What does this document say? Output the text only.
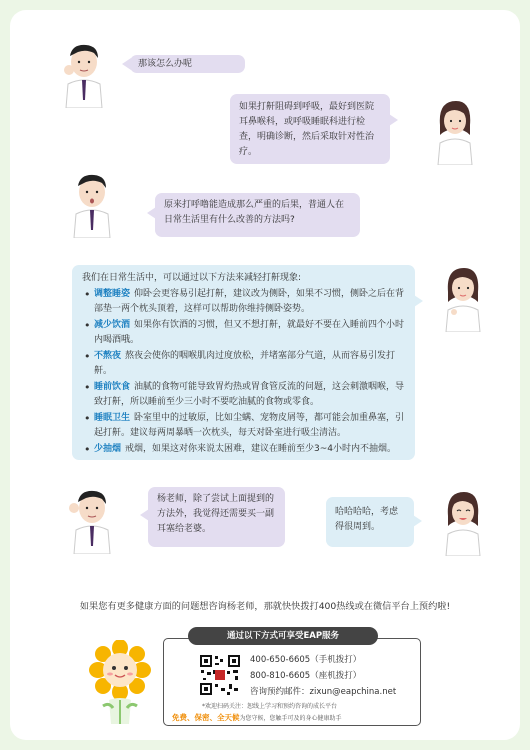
那该怎么办呢
如果打鼾阻碍到呼吸，最好到医院耳鼻喉科，或呼吸睡眠科进行检查，明确诊断，然后采取针对性治疗。
原来打呼噜能造成那么严重的后果，普通人在日常生活里有什么改善的方法吗?
我们在日常生活中，可以通过以下方法来减轻打鼾现象:
• 调整睡姿 仰卧会更容易引起打鼾，建议改为侧卧，如果不习惯，侧卧之后在背部垫一两个枕头顶着，这样可以帮助你维持侧卧姿势。
• 减少饮酒 如果你有饮酒的习惯，但又不想打鼾，就最好不要在入睡前四个小时内喝酒哦。
• 不熬夜 熬夜会使你的咽喉肌肉过度放松，并堵塞部分气道，从而容易引发打鼾。
• 睡前饮食 油腻的食物可能导致胃灼热或胃食管反流的问题，这会刺激咽喉，导致打鼾，所以睡前至少三小时不要吃油腻的食物或零食。
• 睡眠卫生 卧室里中的过敏原，比如尘螨、宠物皮屑等，都可能会加重鼻塞，引起打鼾。建议每两周暴晒一次枕头，每天对卧室进行吸尘清洁。
• 少抽烟 戒烟，如果这对你来说太困难，建议在睡前至少3~4小时内不抽烟。
杨老师，除了尝试上面提到的方法外，我觉得还需要买一副耳塞给老婆。
哈哈哈哈，考虑得很周到。
如果您有更多健康方面的问题想咨询杨老师，那就快快拨打400热线或在微信平台上预约啦!
400-650-6605（手机拨打）
800-810-6605（座机拨打）
咨询预约邮件：zixun@eapchina.net
*欢迎扫码关注：恕线上学习和预约咨询的成长平台
免费、保密、全天候为您守候，您触手可及的身心健康助手
通过以下方式可享受EAP服务
